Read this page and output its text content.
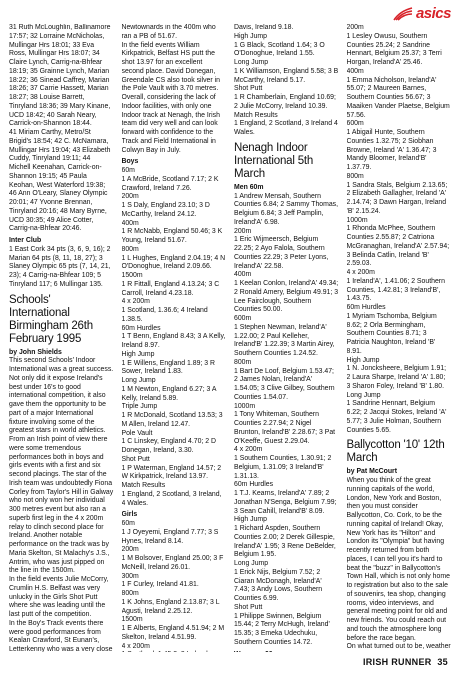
asics

31 Ruth McLoughlin, Ballinamore 17:57; 32 Lorraine McNicholas, Mullingar Hrs 18:01; 33 Eva Ross, Mullingar Hrs 18:07; 34 Claire Lynch, Carrig-na-Bhfear 18:19; 35 Grainne Lynch, Marian 18:22; 36 Sinead Caffrey, Marian 18:26; 37 Carrie Hassett, Marian 18:27; 38 Louise Barrett, Tinryland 18:36; 39 Mary Kinane, UCD 18:42; 40 Sarah Neary, Carrick-on-Shannon 18:44.

41 Miriam Carthy, Metro/St Brigid's 18:54; 42 C. McNamara, Mullingar Hrs 19:04; 43 Elizabeth Cuddy, Tinryland 19:11; 44 Michell Keenahan, Carrick-on-Shannon 19:15; 45 Paula Keohan, West Waterford 19:38; 46 Ann O'Leary, Slaney Olympic 20:01; 47 Yvonne Brennan, Tinryland 20:16; 48 Mary Byrne, UCD 30:35; 49 Alice Cotter, Carrig-na-Bhfear 20:46.

Inter Club

1 East Cork 34 pts (3, 6, 9, 16); 2 Marian 64 pts (8, 11, 18, 27); 3 Slaney Olympic 65 pts (7, 14, 21, 23); 4 Carrig-na-Bhfear 109; 5 Tinryland 117; 6 Mullingar 135.

Schools' International Birmingham 26th February 1995

by John Shields

This second Schools' Indoor International was a great success. Not only did it expose Ireland's best under 16's to good international competition, it also gave them the opportunity to be part of a major International fixture involving some of the greatest stars in world athletics.

From an Irish point of view there were some tremendous performances both in boys and girls events with a first and six second placings. The star of the Irish team was undoubtedly Fiona Corley from Taylor's Hill in Galway who not only won her individual 300 metres event but also ran a superb first leg in the 4 x 200m relay to clinch second place for Ireland. Another notable performance on the track was by Maria Skelton, St Malachy's J.S., Antrim, who was just pipped on the line in the 1500m.

In the field events Julie McCorry, Crumlin H.S. Belfast was very unlucky in the Girls Shot Putt where she was leading until the last putt of the competition.

In the Boy's Track events there were good performances from Kealan Crawford, St Eunan's, Letterkenny who was a very close

Newtownards in the 400m who ran a PB of 51.67.

In the field events William Kirkpatrick, Belfast HS putt the shot 13.97 for an excellent second place. David Donegan, Greendale CS also took silver in the Pole Vault with 3.70 metres.

Overall, considering the lack of Indoor facilities, with only one Indoor track at Nenagh, the Irish team did very well and can look forward with confidence to the Track and Field International in Colwyn Bay in July.

Boys

60m

1 A McBride, Scotland 7.17; 2 K Crawford, Ireland 7.26.

200m

1 S Daly, England 23.10; 3 D McCarthy, Ireland 24.12.

400m

1 R McNabb, England 50.46; 3 K Young, Ireland 51.67.

800m

1 L Hughes, England 2.04.19; 4 N O'Donoghue, Ireland 2.09.66.

1500m

1 R Fittall, England 4.13.24; 3 C Carroll, Ireland 4.23.18.

4 x 200m

1 Scotland, 1.36.6; 4 Ireland 1.38.5.

60m Hurdles

1 T Benn, England 8.43; 3 A Kelly, Ireland 8.97.

High Jump

1 E Willens, England 1.89; 3 R Sower, Ireland 1.83.

Long Jump

1 M Newton, England 6.27; 3 A Kelly, Ireland 5.89.

Triple Jump

1 R McDonald, Scotland 13.53; 3 M Allen, Ireland 12.47.

Pole Vault

1 C Linskey, England 4.70; 2 D Donegan, Ireland, 3.30.

Shot Putt

1 P Waterman, England 14.57; 2 W Kirkpatrick, Ireland 13.97.

Match Results

1 England, 2 Scotland, 3 Ireland, 4 Wales.

Girls

60m

1 J Oyeyemi, England 7.77; 3 S Hynes, Ireland 8.14.

200m

1 M Bolsover, England 25.00; 3 F McNeill, Ireland 26.01.

300m

1 F Curley, Ireland 41.81.

800m

1 K Johns, England 2.13.87; 3 L Agusti, Ireland 2.25.12.

1500m

1 E Alberts, England 4.51.94; 2 M Skelton, Ireland 4.51.99.

4 x 200m

Davis, Ireland 9.18.

High Jump

1 G Black, Scotland 1.64; 3 O O'Donoghue, Ireland 1.55.

Long Jump

1 K Williamson, England 5.58; 3 B McCarthy, Ireland 5.17.

Shot Putt

1 R Chamberlain, England 10.69; 2 Julie McCorry, Ireland 10.39.

Match Results

1 England, 2 Scotland, 3 Ireland 4 Wales.

Nenagh Indoor International 5th March

Men 60m

1 Andrew Mensah, Southern Counties 6.84; 2 Sammy Thomas, Belgium 6.84; 3 Jeff Pamplin, Ireland'A' 6.98.

200m

1 Eric Wijmeersch, Belgium 22.25; 2 Ayo Falola, Southern Counties 22.29; 3 Peter Lyons, Ireland'A' 22.58.

400m

1 Keelan Conlon, Ireland'A' 49.34; 2 Ronald Amery, Belgium 49.91; 3 Lee Fairclough, Southern Counties 50.00.

600m

1 Stephen Newman, Ireland'A' 1.22.00; 2 Paul Kelleher, Ireland'B' 1.22.39; 3 Martin Airey, Southern Counties 1.24.52.

800m

1 Bart De Loof, Belgium 1.53.47; 2 James Nolan, Ireland'A' 1.54.05; 3 Clive Gilbey, Southern Counties 1.54.07.

1000m

1 Tony Whiteman, Southern Counties 2.27.94; 2 Nigel Brunton, Ireland'B' 2.28.67; 3 Pat O'Keeffe, Guest 2.29.04.

4 x 200m

1 Southern Counties, 1.30.91; 2 Belgium, 1.31.09; 3 Ireland'B' 1.31.13.

60m Hurdles

1 T.J. Kearns, Ireland'A' 7.89; 2 Jonathan N'Senga, Belgium 7.99; 3 Sean Cahill, Ireland'B' 8.09.

High Jump

1 Richard Aspden, Southern Counties 2.00; 2 Derek Gillespie, Ireland'A' 1.95; 3 Rene DeBelder, Belgium 1.95.

Long Jump

1 Erick Nijs, Belgium 7.52; 2 Ciaran McDonagh, Ireland'A' 7.43; 3 Andy Lows, Southern Counties 6.99.

Shot Putt

1 Philippe Swinnen, Belgium 15.44; 2 Terry McHugh, Ireland' 15.35; 3 Emeka Udechuku, Southern Counties 14.72.

200m

1 Lesley Owusu, Southern Counties 25.24; 2 Sandrine Hennart, Belgium 25.37; 3 Terri Horgan, Ireland'A' 25.46.

400m

1 Emma Nicholson, Ireland'A' 55.07; 2 Maureen Barnes, Southern Counties 56.67; 3 Maaiken Vander Plaetse, Belgium 57.56.

600m

1 Abigail Hunte, Southern Counties 1.32.75; 2 Siobhan Browne, Ireland 'A' 1.36.47; 3 Mandy Bloomer, Ireland'B' 1.37.79.

800m

1 Sandra Stals, Belgium 2.13.65; 2 Elizabeth Gallagher, Ireland 'A' 2.14.74; 3 Dawn Hargan, Ireland 'B' 2.15.24.

1000m

1 Rhonda McPhee, Southern Counties 2.55.87; 2 Catriona McGranaghan, Ireland'A' 2.57.94; 3 Belinda Catlin, Ireland 'B' 2.59.03.

4 x 200m

1 Ireland'A', 1.41.06; 2 Southern Counties, 1.42.81; 3 Ireland'B', 1.43.75.

60m Hurdles

1 Myriam Tschomba, Belgium 8.62; 2 Orla Bermingham, Southern Counties 8.71; 3 Patricia Naughton, Ireland 'B' 8.91.

High Jump

1 N. Joncksheere, Belgium 1.91; 2 Laura Sharpe, Ireland 'A' 1.80; 3 Sharon Foley, Ireland 'B' 1.80.

Long Jump

1 Sandrine Hennart, Belgium 6.22; 2 Jacqui Stokes, Ireland 'A' 5.77; 3 Julie Holman, Southern Counties 5.65.

Ballycotton '10' 12th March

by Pat McCourt

When you think of the great running capitals of the world, London, New York and Boston, then you must consider Ballycotton, Co. Cork, to be the running capital of Ireland! Okay, New York has its "Hilton" and London its "Olympia" but having recently returned from both places, I can tell you it's hard to beat the "buzz" in Ballycotton's Town Hall, which is not only home to registration but also to the sale of souvenirs, tea shop, changing rooms, video interviews, and general meeting point for old and new friends. You could reach out and touch the atmosphere long before the race began.

On what turned out to be, weather

IRISH RUNNER 35
